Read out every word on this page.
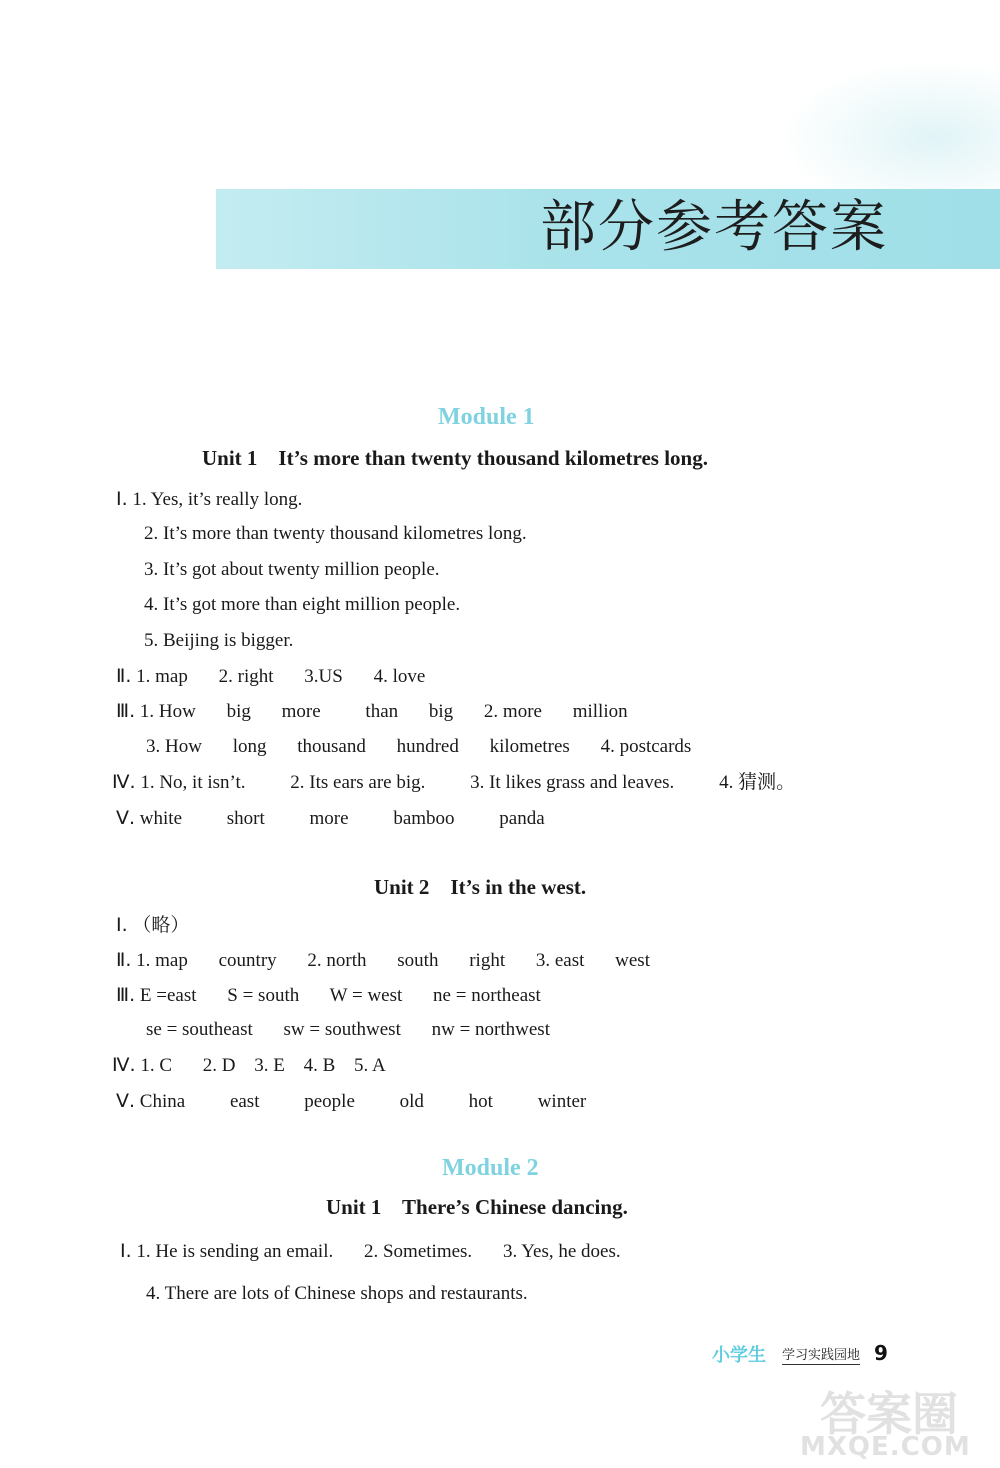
部分参考答案
Module 1
Unit 1    It’s more than twenty thousand kilometres long.
Ⅰ. 1. Yes, it’s really long.
2. It’s more than twenty thousand kilometres long.
3. It’s got about twenty million people.
4. It’s got more than eight million people.
5. Beijing is bigger.
Ⅱ. 1. map 2. right 3.US 4. love
Ⅲ. 1. How big more than big 2. more million
3. How long thousand hundred kilometres 4. postcards
Ⅳ. 1. No, it isn’t. 2. Its ears are big. 3. It likes grass and leaves. 4. 猜测。
Ⅴ. white short more bamboo panda
Unit 2    It’s in the west.
Ⅰ. （略）
Ⅱ. 1. map country 2. north south right 3. east west
Ⅲ. E =east S = south W = west ne = northeast
se = southeast sw = southwest nw = northwest
Ⅳ. 1. C 2. D 3. E 4. B 5. A
Ⅴ. China east people old hot winter
Module 2
Unit 1    There’s Chinese dancing.
Ⅰ. 1. He is sending an email. 2. Sometimes. 3. Yes, he does.
4. There are lots of Chinese shops and restaurants.
小学生 学习实践园地 9
答案圈
MXQE.COM
